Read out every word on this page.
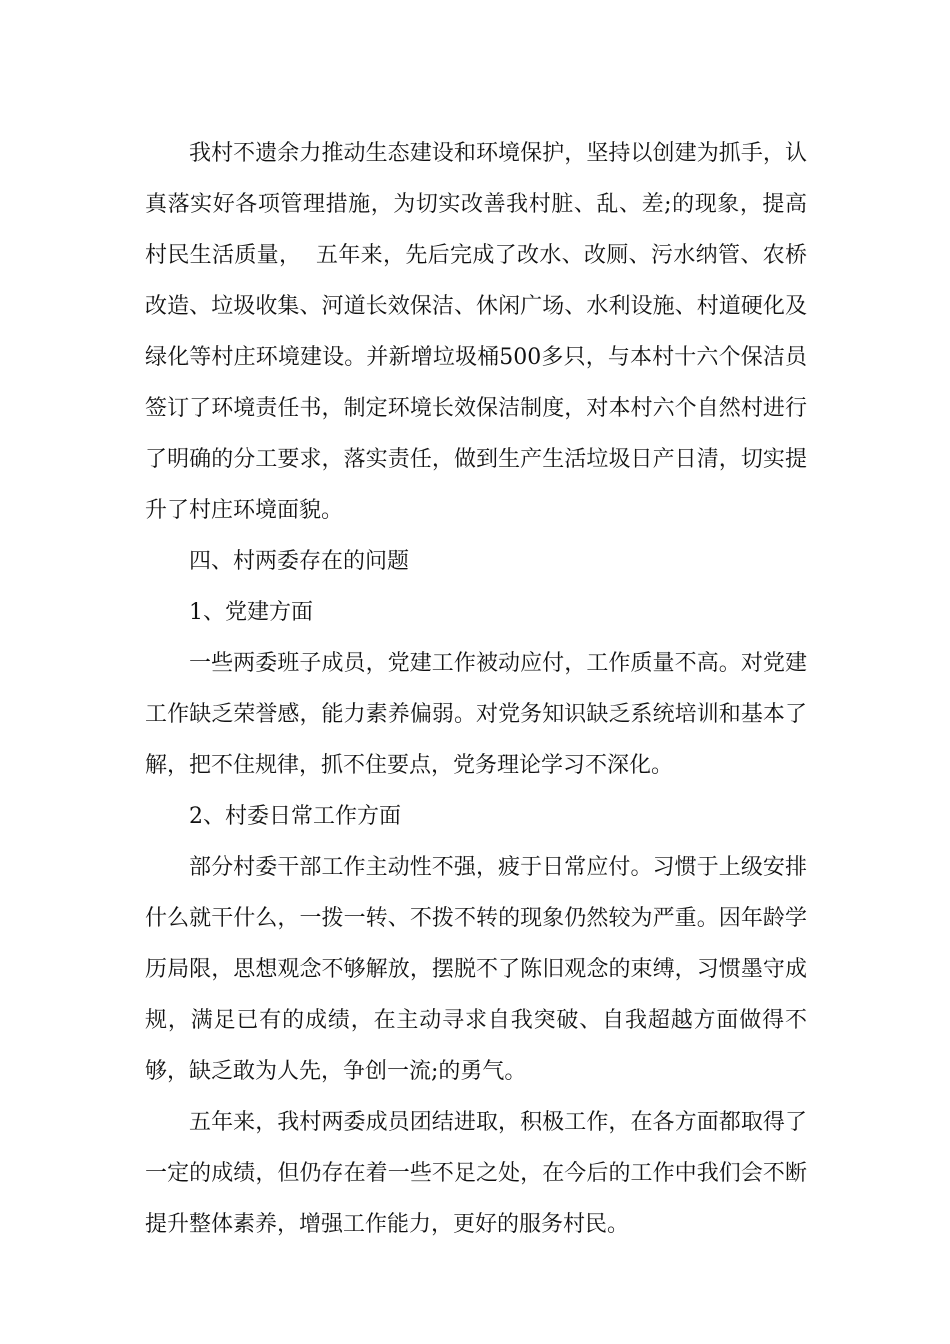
我村不遗余力推动生态建设和环境保护，坚持以创建为抓手，认真落实好各项管理措施，为切实改善我村脏、乱、差;的现象，提高村民生活质量，  五年来，先后完成了改水、改厕、污水纳管、农桥改造、垃圾收集、河道长效保洁、休闲广场、水利设施、村道硬化及绿化等村庄环境建设。并新增垃圾桶500多只，与本村十六个保洁员签订了环境责任书，制定环境长效保洁制度，对本村六个自然村进行了明确的分工要求，落实责任，做到生产生活垃圾日产日清，切实提升了村庄环境面貌。

四、村两委存在的问题

1、党建方面

一些两委班子成员，党建工作被动应付，工作质量不高。对党建工作缺乏荣誉感，能力素养偏弱。对党务知识缺乏系统培训和基本了解，把不住规律，抓不住要点，党务理论学习不深化。

2、村委日常工作方面

部分村委干部工作主动性不强，疲于日常应付。习惯于上级安排什么就干什么，一拨一转、不拨不转的现象仍然较为严重。因年龄学历局限，思想观念不够解放，摆脱不了陈旧观念的束缚，习惯墨守成规，满足已有的成绩，在主动寻求自我突破、自我超越方面做得不够，缺乏敢为人先，争创一流;的勇气。

五年来，我村两委成员团结进取，积极工作，在各方面都取得了一定的成绩，但仍存在着一些不足之处，在今后的工作中我们会不断提升整体素养，增强工作能力，更好的服务村民。
